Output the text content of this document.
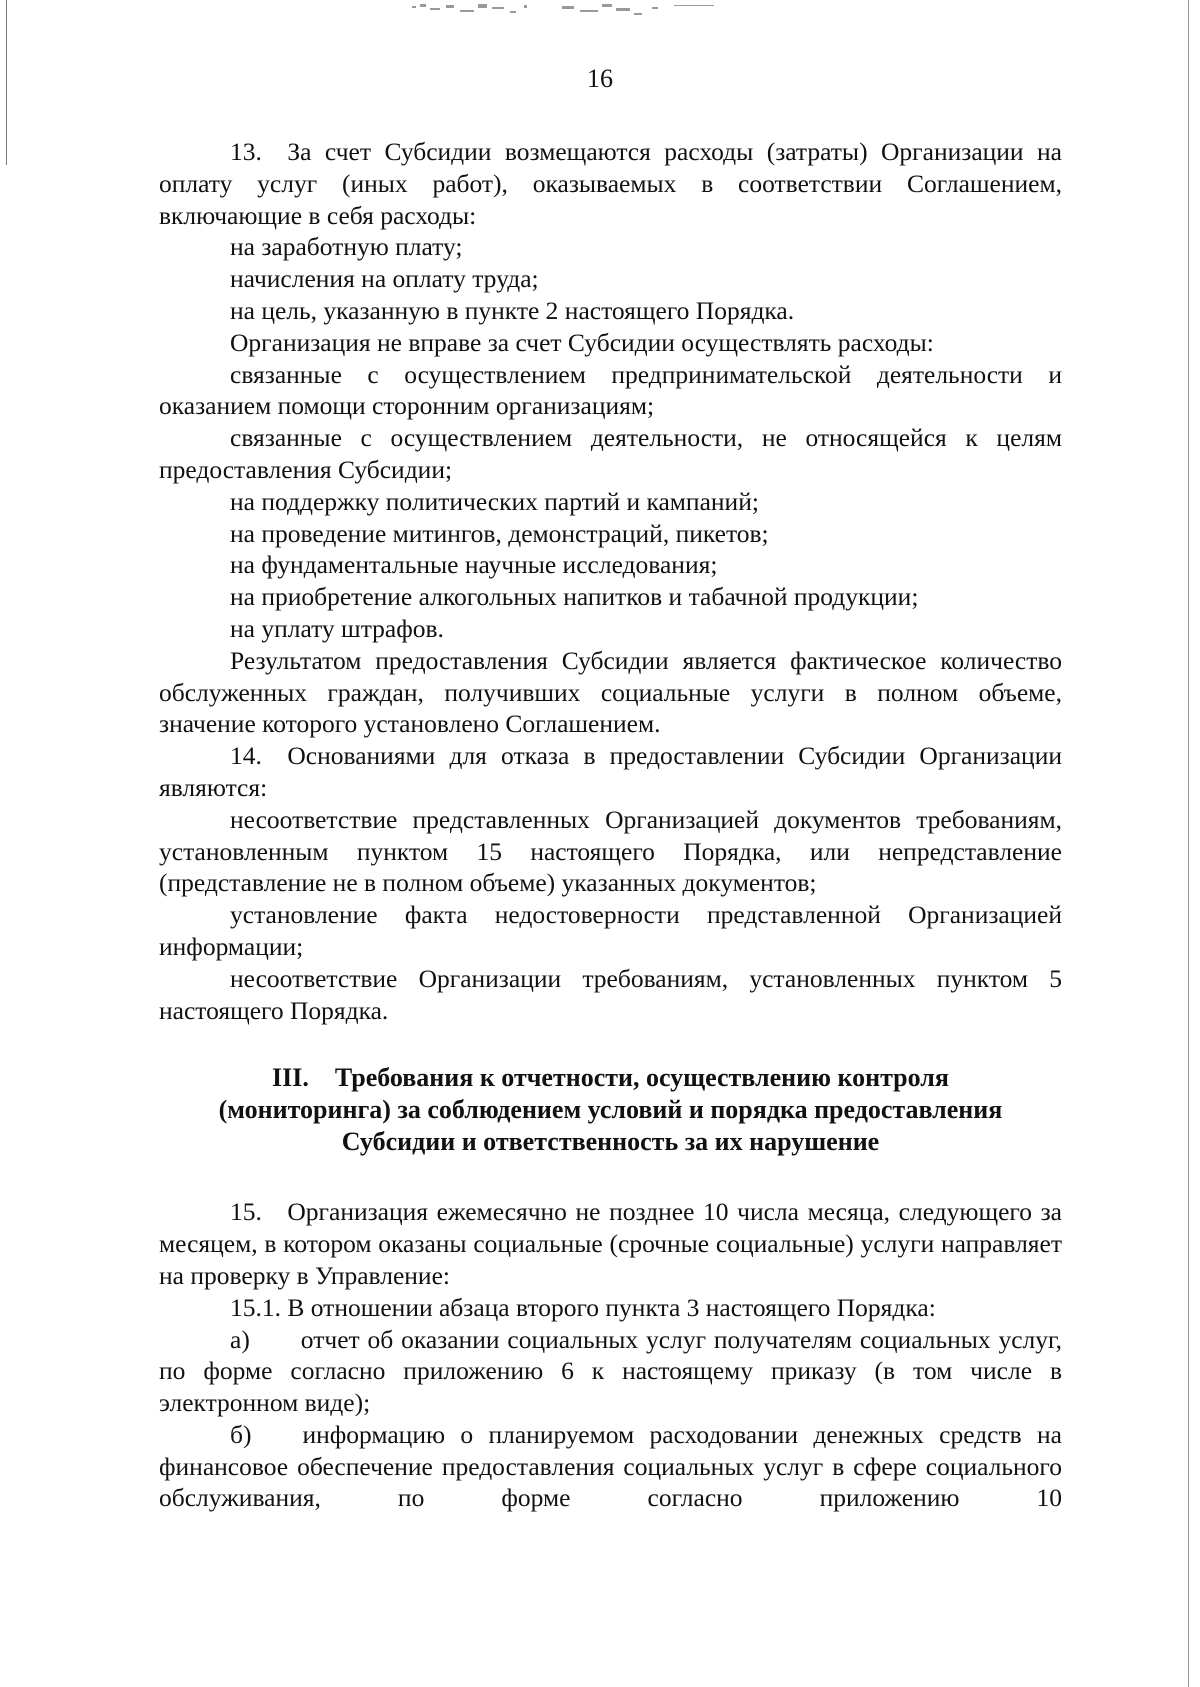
16

13. За счет Субсидии возмещаются расходы (затраты) Организации на оплату услуг (иных работ), оказываемых в соответствии Соглашением, включающие в себя расходы:

на заработную плату;

начисления на оплату труда;

на цель, указанную в пункте 2 настоящего Порядка.

Организация не вправе за счет Субсидии осуществлять расходы:

связанные с осуществлением предпринимательской деятельности и оказанием помощи сторонним организациям;

связанные с осуществлением деятельности, не относящейся к целям предоставления Субсидии;

на поддержку политических партий и кампаний;

на проведение митингов, демонстраций, пикетов;

на фундаментальные научные исследования;

на приобретение алкогольных напитков и табачной продукции;

на уплату штрафов.

Результатом предоставления Субсидии является фактическое количество обслуженных граждан, получивших социальные услуги в полном объеме, значение которого установлено Соглашением.

14. Основаниями для отказа в предоставлении Субсидии Организации являются:

несоответствие представленных Организацией документов требованиям, установленным пунктом 15 настоящего Порядка, или непредставление (представление не в полном объеме) указанных документов;

установление факта недостоверности представленной Организацией информации;

несоответствие Организации требованиям, установленных пунктом 5 настоящего Порядка.

III. Требования к отчетности, осуществлению контроля
(мониторинга) за соблюдением условий и порядка предоставления
Субсидии и ответственность за их нарушение

15. Организация ежемесячно не позднее 10 числа месяца, следующего за месяцем, в котором оказаны социальные (срочные социальные) услуги направляет на проверку в Управление:

15.1. В отношении абзаца второго пункта 3 настоящего Порядка:

а)  отчет об оказании социальных услуг получателям социальных услуг, по форме согласно приложению 6 к настоящему приказу (в том числе в электронном виде);

б)  информацию о планируемом расходовании денежных средств на финансовое обеспечение предоставления социальных услуг в сфере социального обслуживания, по форме согласно приложению 10
